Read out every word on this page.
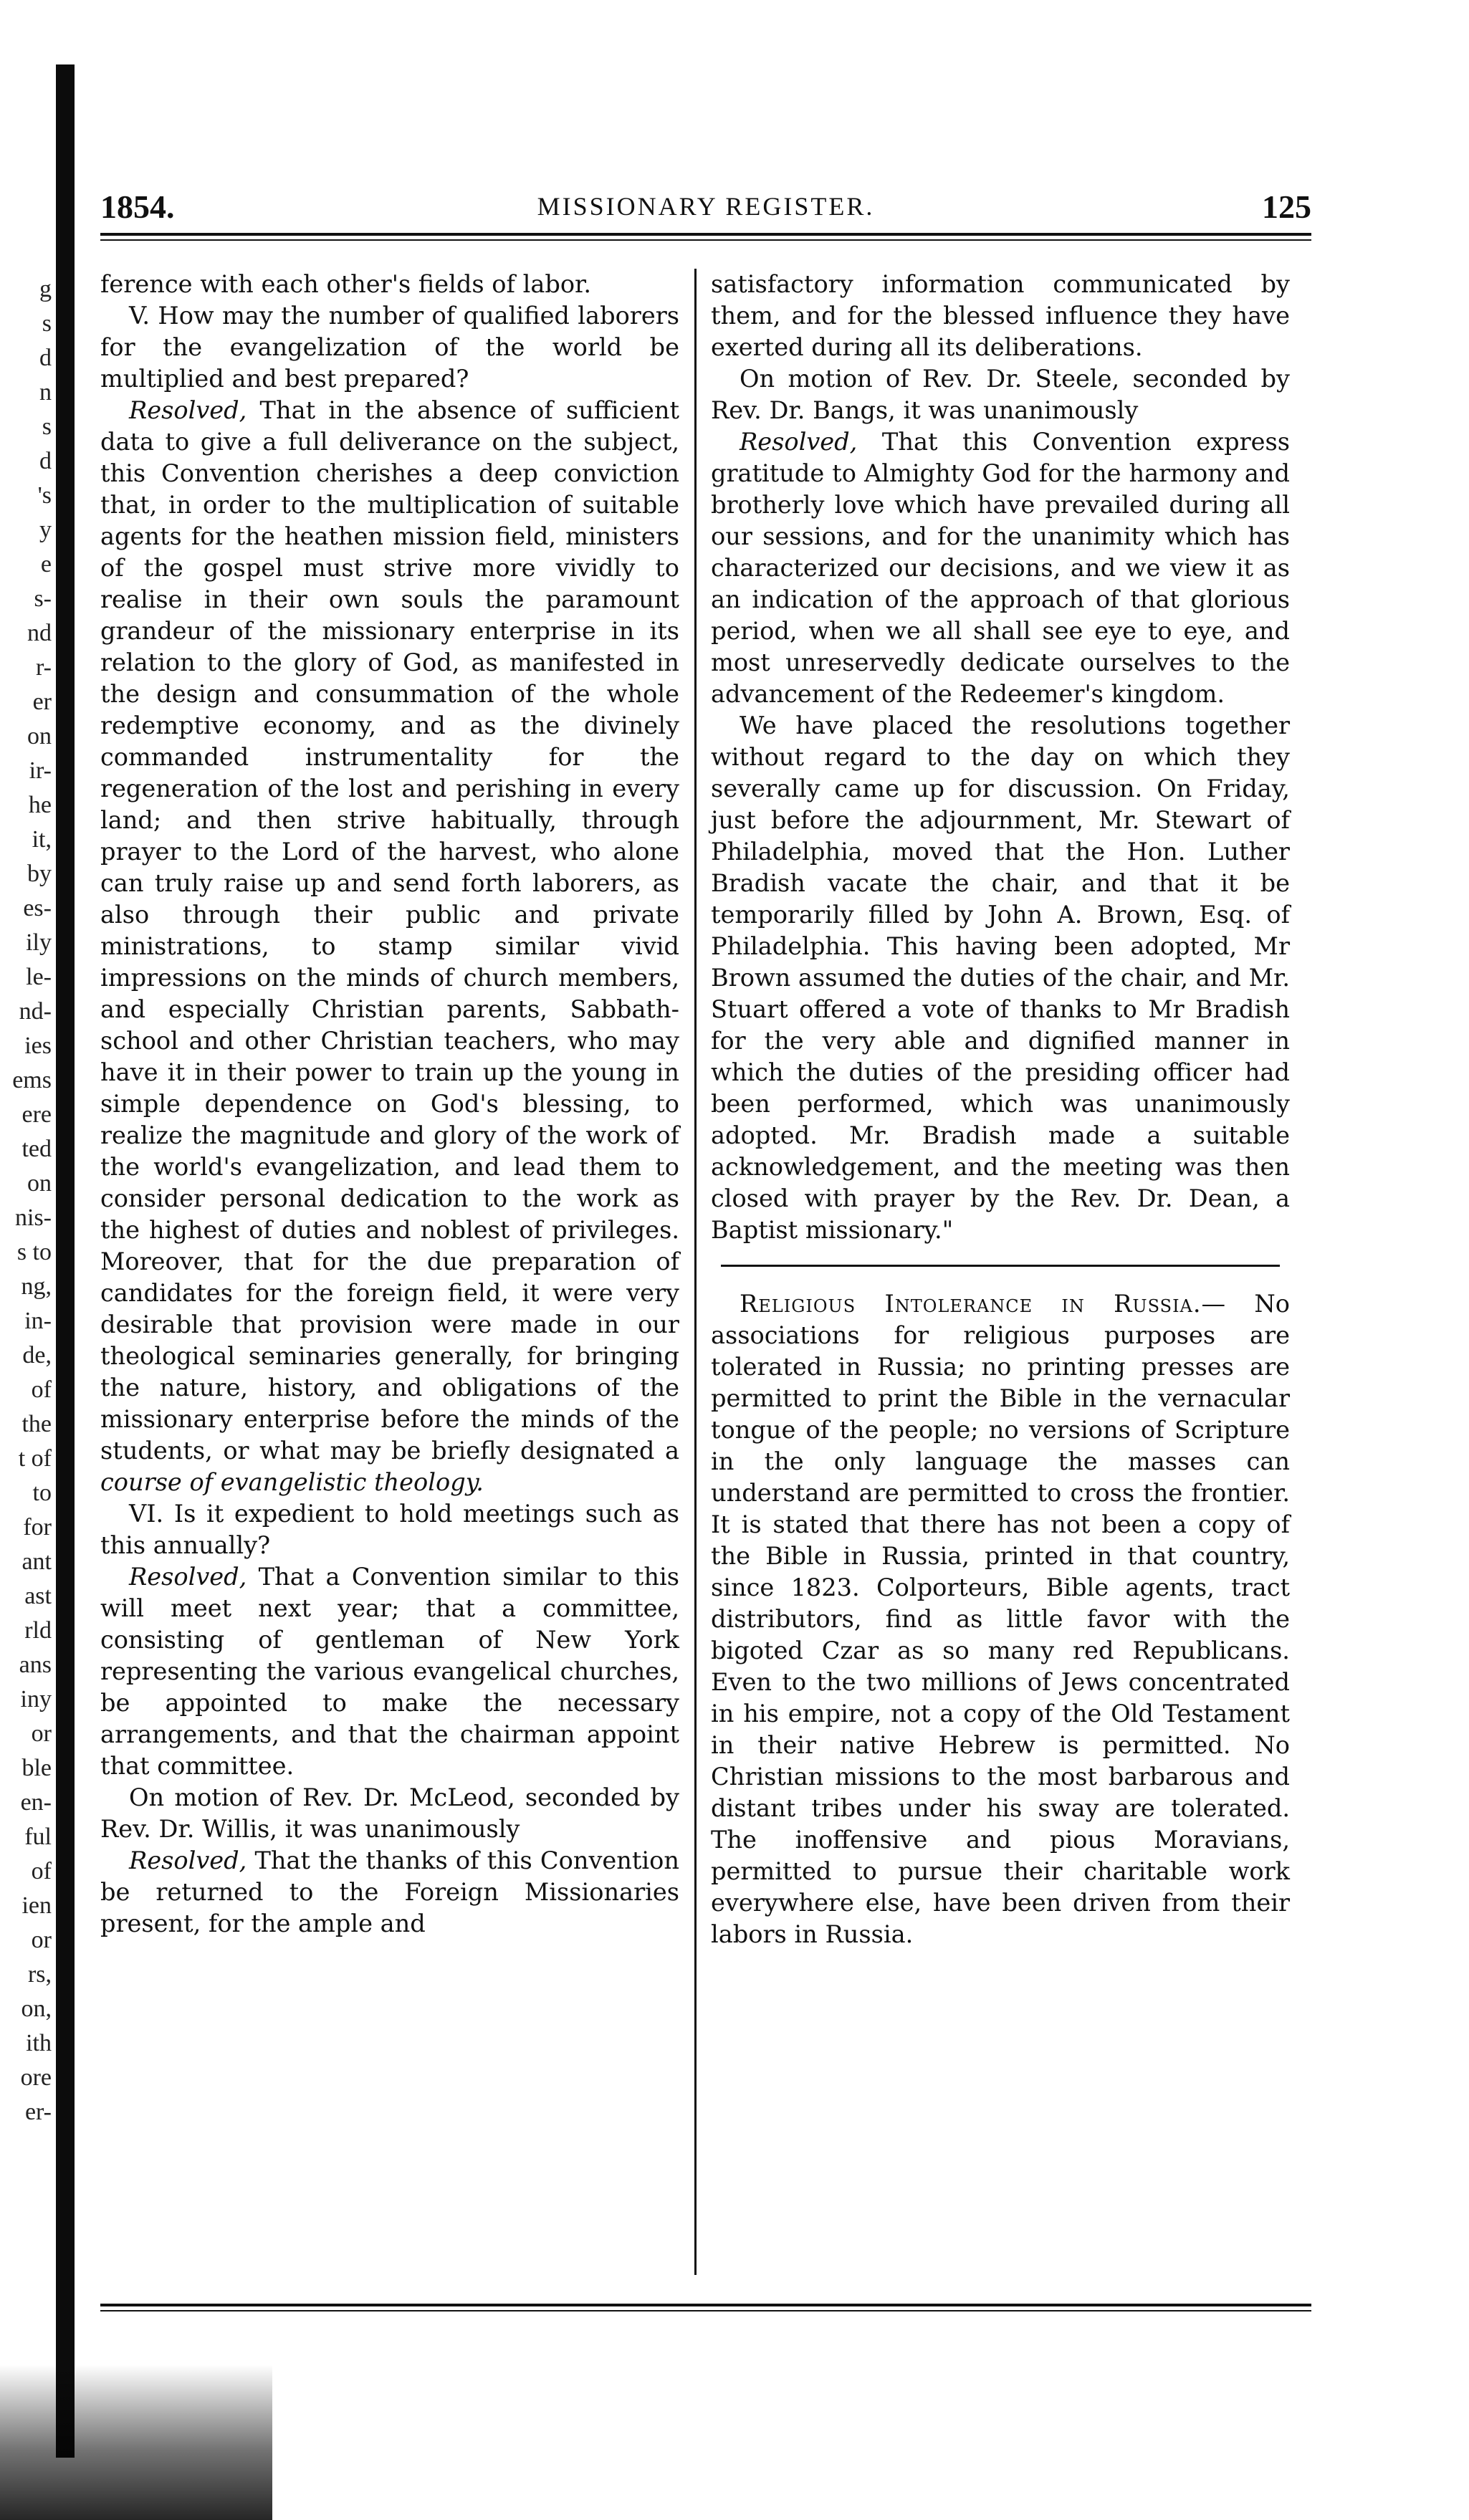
g
s
d
n
s
d
's
y
e
s-
nd
r-
er
on
ir-
he
it,
by
es-
ily
le-
nd-
ies
ems
ere
ted
on
nis-
s to
ng,
in-
de,
of
the
t of
to
for
ant
ast
rld
ans
iny
or
ble
en-
ful
of
ien
or
rs,
on,
ith
ore
er-
1854.	MISSIONARY REGISTER.	125

ference with each other's fields of labor.

V. How may the number of qualified laborers for the evangelization of the world be multiplied and best prepared?

Resolved, That in the absence of sufficient data to give a full deliverance on the subject, this Convention cherishes a deep conviction that, in order to the multiplication of suitable agents for the heathen mission field, ministers of the gospel must strive more vividly to realise in their own souls the paramount grandeur of the missionary enterprise in its relation to the glory of God, as manifested in the design and consummation of the whole redemptive economy, and as the divinely commanded instrumentality for the regeneration of the lost and perishing in every land; and then strive habitually, through prayer to the Lord of the harvest, who alone can truly raise up and send forth laborers, as also through their public and private ministrations, to stamp similar vivid impressions on the minds of church members, and especially Christian parents, Sabbath-school and other Christian teachers, who may have it in their power to train up the young in simple dependence on God's blessing, to realize the magnitude and glory of the work of the world's evangelization, and lead them to consider personal dedication to the work as the highest of duties and noblest of privileges. Moreover, that for the due preparation of candidates for the foreign field, it were very desirable that provision were made in our theological seminaries generally, for bringing the nature, history, and obligations of the missionary enterprise before the minds of the students, or what may be briefly designated a course of evangelistic theology.

VI. Is it expedient to hold meetings such as this annually?

Resolved, That a Convention similar to this will meet next year; that a committee, consisting of gentleman of New York representing the various evangelical churches, be appointed to make the necessary arrangements, and that the chairman appoint that committee.

On motion of Rev. Dr. McLeod, seconded by Rev. Dr. Willis, it was unanimously

Resolved, That the thanks of this Convention be returned to the Foreign Missionaries present, for the ample and

satisfactory information communicated by them, and for the blessed influence they have exerted during all its deliberations.

On motion of Rev. Dr. Steele, seconded by Rev. Dr. Bangs, it was unanimously

Resolved, That this Convention express gratitude to Almighty God for the harmony and brotherly love which have prevailed during all our sessions, and for the unanimity which has characterized our decisions, and we view it as an indication of the approach of that glorious period, when we all shall see eye to eye, and most unreservedly dedicate ourselves to the advancement of the Redeemer's kingdom.

We have placed the resolutions together without regard to the day on which they severally came up for discussion. On Friday, just before the adjournment, Mr. Stewart of Philadelphia, moved that the Hon. Luther Bradish vacate the chair, and that it be temporarily filled by John A. Brown, Esq. of Philadelphia. This having been adopted, Mr Brown assumed the duties of the chair, and Mr. Stuart offered a vote of thanks to Mr Bradish for the very able and dignified manner in which the duties of the presiding officer had been performed, which was unanimously adopted. Mr. Bradish made a suitable acknowledgement, and the meeting was then closed with prayer by the Rev. Dr. Dean, a Baptist missionary."

Religious Intolerance in Russia.— No associations for religious purposes are tolerated in Russia; no printing presses are permitted to print the Bible in the vernacular tongue of the people; no versions of Scripture in the only language the masses can understand are permitted to cross the frontier. It is stated that there has not been a copy of the Bible in Russia, printed in that country, since 1823. Colporteurs, Bible agents, tract distributors, find as little favor with the bigoted Czar as so many red Republicans. Even to the two millions of Jews concentrated in his empire, not a copy of the Old Testament in their native Hebrew is permitted. No Christian missions to the most barbarous and distant tribes under his sway are tolerated. The inoffensive and pious Moravians, permitted to pursue their charitable work everywhere else, have been driven from their labors in Russia.
